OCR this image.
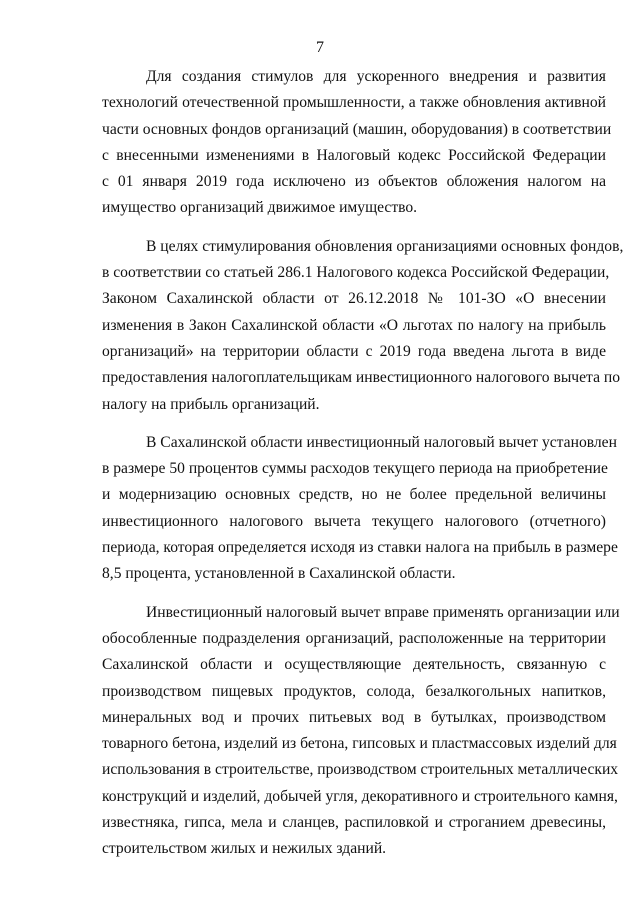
7

Для создания стимулов для ускоренного внедрения и развития
технологий отечественной промышленности, а также обновления активной
части основных фондов организаций (машин, оборудования) в соответствии
с внесенными изменениями в Налоговый кодекс Российской Федерации
с 01 января 2019 года исключено из объектов обложения налогом на
имущество организаций движимое имущество.

В целях стимулирования обновления организациями основных фондов,
в соответствии со статьей 286.1 Налогового кодекса Российской Федерации,
Законом Сахалинской области от 26.12.2018 № 101-ЗО «О внесении
изменения в Закон Сахалинской области «О льготах по налогу на прибыль
организаций» на территории области с 2019 года введена льгота в виде
предоставления налогоплательщикам инвестиционного налогового вычета по
налогу на прибыль организаций.

В Сахалинской области инвестиционный налоговый вычет установлен
в размере 50 процентов суммы расходов текущего периода на приобретение
и модернизацию основных средств, но не более предельной величины
инвестиционного налогового вычета текущего налогового (отчетного)
периода, которая определяется исходя из ставки налога на прибыль в размере
8,5 процента, установленной в Сахалинской области.

Инвестиционный налоговый вычет вправе применять организации или
обособленные подразделения организаций, расположенные на территории
Сахалинской области и осуществляющие деятельность, связанную с
производством пищевых продуктов, солода, безалкогольных напитков,
минеральных вод и прочих питьевых вод в бутылках, производством
товарного бетона, изделий из бетона, гипсовых и пластмассовых изделий для
использования в строительстве, производством строительных металлических
конструкций и изделий, добычей угля, декоративного и строительного камня,
известняка, гипса, мела и сланцев, распиловкой и строганием древесины,
строительством жилых и нежилых зданий.
